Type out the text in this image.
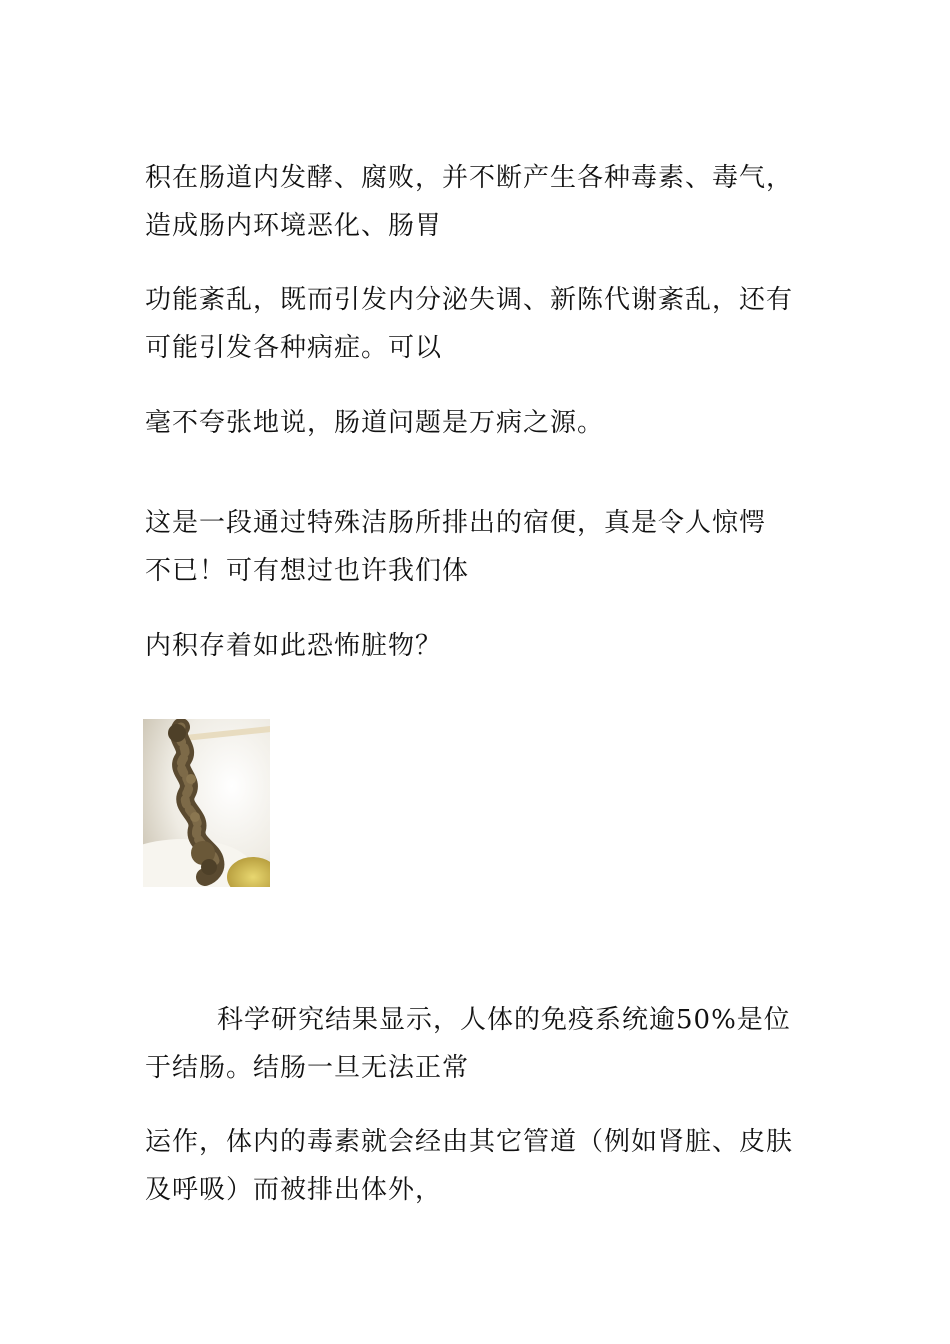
积在肠道内发酵、腐败，并不断产生各种毒素、毒气，
造成肠内环境恶化、肠胃

功能紊乱，既而引发内分泌失调、新陈代谢紊乱，还有
可能引发各种病症。可以

毫不夸张地说，肠道问题是万病之源。

这是一段通过特殊洁肠所排出的宿便，真是令人惊愕
不已！可有想过也许我们体

内积存着如此恐怖脏物？

科学研究结果显示，人体的免疫系统逾50%是位
于结肠。结肠一旦无法正常

运作，体内的毒素就会经由其它管道（例如肾脏、皮肤
及呼吸）而被排出体外，
